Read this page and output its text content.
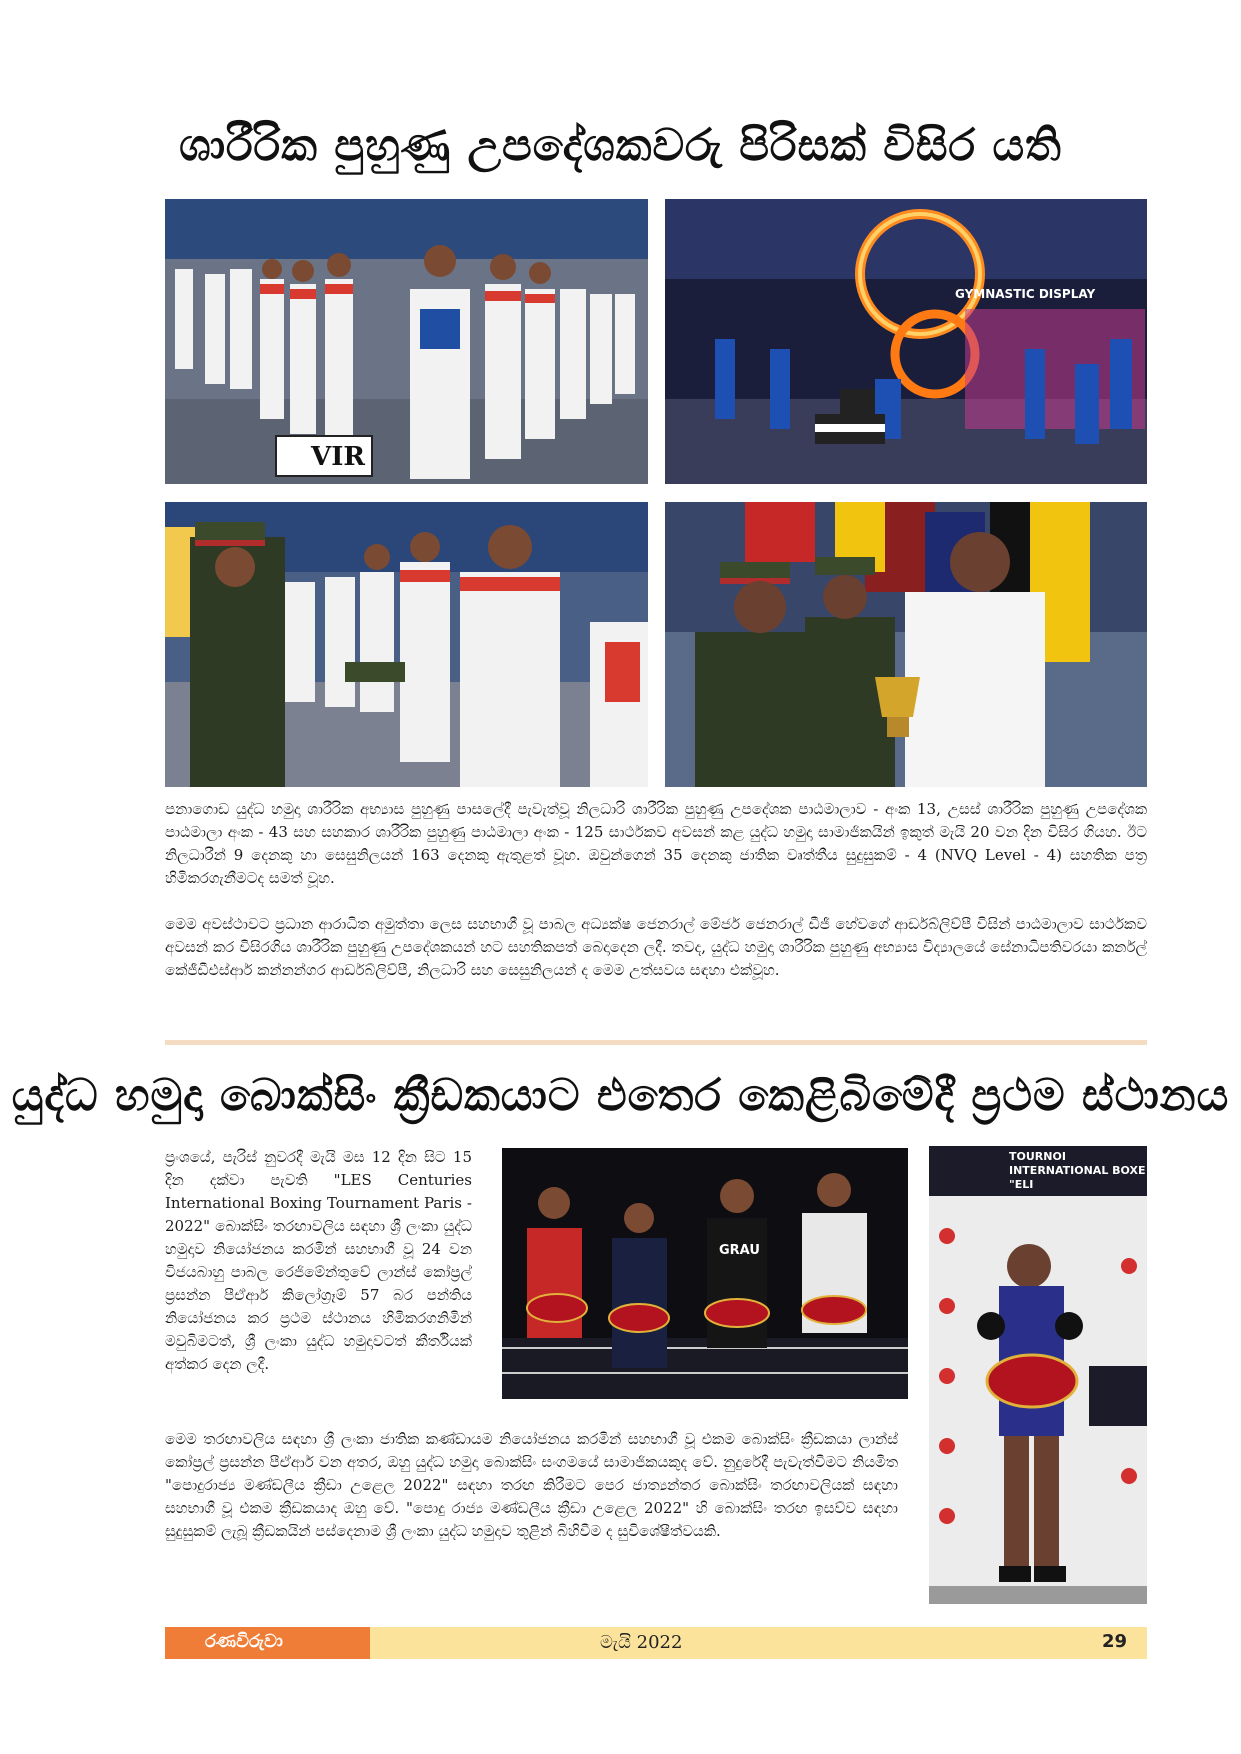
ශාරීරික පුහුණු උපදේශකවරු පිරිසක් විසිර යති
VIR
GYMNASTIC DISPLAY
පනාගොඩ යුද්ධ හමුදා ශාරීරික අභ්‍යාස පුහුණු පාසලේදී පැවැත්වූ නිලධාරි ශාරීරික පුහුණු උපදේශක පාඨමාලාව - අංක 13, උසස් ශාරීරික පුහුණු උපදේශක පාඨමාලා අංක - 43 සහ සහකාර ශාරීරික පුහුණු පාඨමාලා අංක - 125 සාර්ථකව අවසන් කළ යුද්ධ හමුදා සාමාජිකයින් ඉකුත් මැයි 20 වන දින විසිර ගියහ. ඊට නිලධාරීන් 9 දෙනකු හා සෙසුනිලයන් 163 දෙනකු ඇතුළත් වූහ. ඔවුන්ගෙන් 35 දෙනකු ජාතික වෘත්තීය සුදුසුකම් - 4 (NVQ Level - 4) සහතික පත්‍ර හිමිකරගැනීමටද සමත් වූහ.
මෙම අවස්ථාවට ප්‍රධාන ආරාධිත අමුත්තා ලෙස සහභාගී වූ පාබල අධ්‍යක්ෂ ජෙනරාල් මේජර් ජෙනරාල් ඩීජී හේවගේ ආර්ඩබ්ලිව්පී විසින් පාඨමාලාව සාර්ථකව අවසන් කර විසිරගිය ශාරීරික පුහුණු උපදේශකයන් හට සහතිකපත් බෙදාදෙන ලදී. තවද, යුද්ධ හමුදා ශාරීරික පුහුණු අභ්‍යාස විද්‍යාලයේ සේනාධිපතිවරයා කර්නල් කේජීඩීඑස්ආර් කන්නන්ගර ආර්ඩබ්ලිව්පී, නිලධාරි සහ සෙසුනිලයන් ද මෙම උත්සවය සඳහා එක්වූහ.
යුද්ධ හමුදා බොක්සිං ක්‍රීඩකයාට එතෙර කෙළිබිමේදී ප්‍රථම ස්ථානය
ප්‍රංශයේ, පැරිස් නුවරදී මැයි මස 12 දින සිට 15 දින දක්වා පැවති "LES Centuries International Boxing Tournament Paris - 2022" බොක්සිං තරඟාවලිය සඳහා ශ්‍රී ලංකා යුද්ධ හමුදාව නියෝජනය කරමින් සහභාගී වූ 24 වන විජයබාහු පාබල රෙජිමේන්තුවේ ලාන්ස් කෝප්‍රල් ප්‍රසන්න පීඒආර් කිලෝග්‍රෑම් 57 බර පන්තිය නියෝජනය කර ප්‍රථම ස්ථානය හිමිකරගනිමින් මවුබිමටත්, ශ්‍රී ලංකා යුද්ධ හමුදාවටත් කීර්තියක් අත්කර දෙන ලදී.
GRAU
TOURNOI INTERNATIONAL BOXE "ELI
මෙම තරඟාවලිය සඳහා ශ්‍රී ලංකා ජාතික කණ්ඩායම නියෝජනය කරමින් සහභාගී වූ එකම බොක්සිං ක්‍රීඩකයා ලාන්ස් කෝප්‍රල් ප්‍රසන්න පීඒආර් වන අතර, ඔහු යුද්ධ හමුදා බොක්සිං සංගමයේ සාමාජිකයකුද වේ. නුදුරේදී පැවැත්වීමට නියමිත "පොදුරාජ්‍ය මණ්ඩලීය ක්‍රීඩා උළෙල 2022" සඳහා තරඟ කිරීමට පෙර ජාත්‍යන්තර බොක්සිං තරඟාවලියක් සඳහා සහභාගී වූ එකම ක්‍රීඩකයාද ඔහු වේ. "පොදු රාජ්‍ය මණ්ඩලීය ක්‍රීඩා උළෙල 2022" හි බොක්සිං තරඟ ඉසව්ව සඳහා සුදුසුකම් ලැබූ ක්‍රීඩකයින් පස්දෙනාම ශ්‍රී ලංකා යුද්ධ හමුදාව තුළින් බිහිවීම ද සුවිශේෂීත්වයකි.
රණවිරුවා	මැයි 2022	29
